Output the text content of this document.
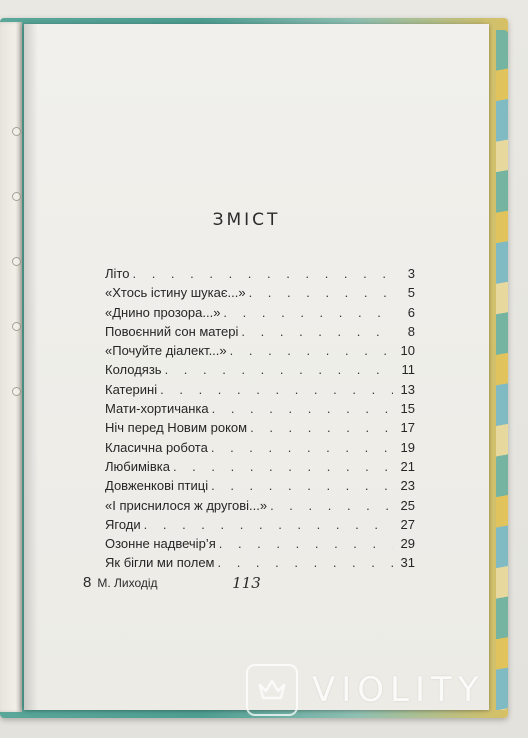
ЗМІСТ
Літо . . .	3
«Хтось істину шукає...» . . .	5
«Днино прозора...» . . .	6
Повоєнний сон матері . . .	8
«Почуйте діалект...» . . .	10
Колодязь . . .	11
Катерині . . .	13
Мати-хортичанка . . .	15
Ніч перед Новим роком . . .	17
Класична робота . . .	19
Любимівка . . .	21
Довженкові птиці . . .	23
«І приснилося ж другові...» . . .	25
Ягоди . . .	27
Озонне надвечір’я . . .	29
Як бігли ми полем . . .	31
8 М. Лиходід	113
VIOLITY
